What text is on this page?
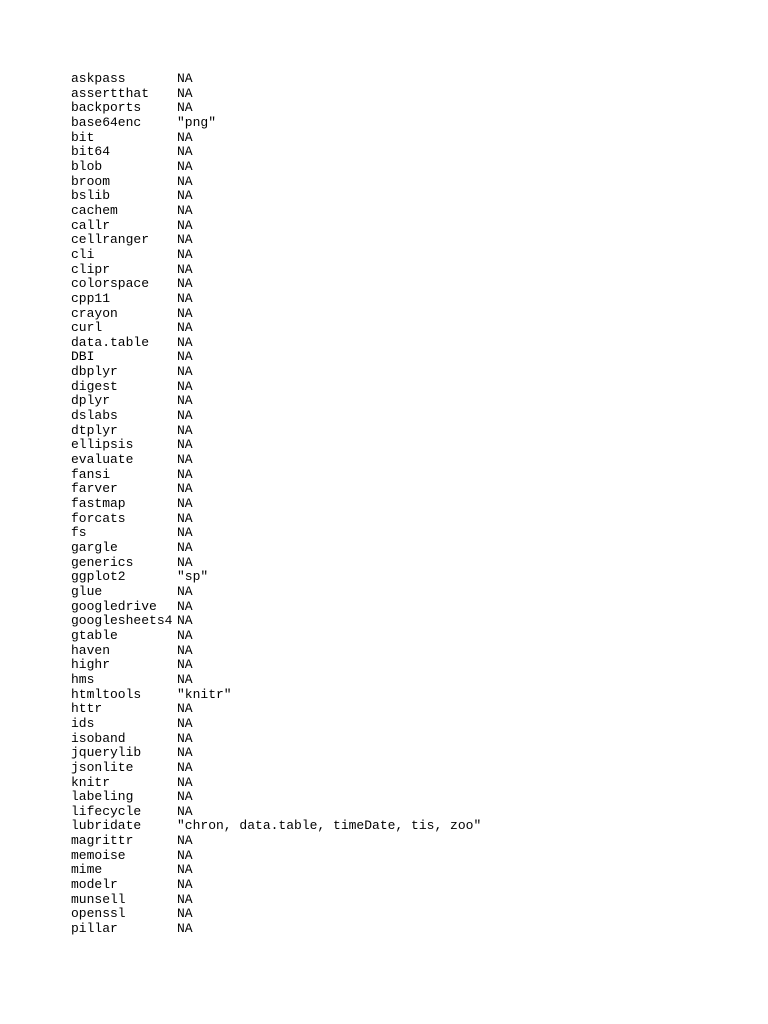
askpass	NA
assertthat	NA
backports	NA
base64enc	"png"
bit	NA
bit64	NA
blob	NA
broom	NA
bslib	NA
cachem	NA
callr	NA
cellranger	NA
cli	NA
clipr	NA
colorspace	NA
cpp11	NA
crayon	NA
curl	NA
data.table	NA
DBI	NA
dbplyr	NA
digest	NA
dplyr	NA
dslabs	NA
dtplyr	NA
ellipsis	NA
evaluate	NA
fansi	NA
farver	NA
fastmap	NA
forcats	NA
fs	NA
gargle	NA
generics	NA
ggplot2	"sp"
glue	NA
googledrive	NA
googlesheets4 NA
gtable	NA
haven	NA
highr	NA
hms	NA
htmltools	"knitr"
httr	NA
ids	NA
isoband	NA
jquerylib	NA
jsonlite	NA
knitr	NA
labeling	NA
lifecycle	NA
lubridate	"chron, data.table, timeDate, tis, zoo"
magrittr	NA
memoise	NA
mime	NA
modelr	NA
munsell	NA
openssl	NA
pillar	NA
